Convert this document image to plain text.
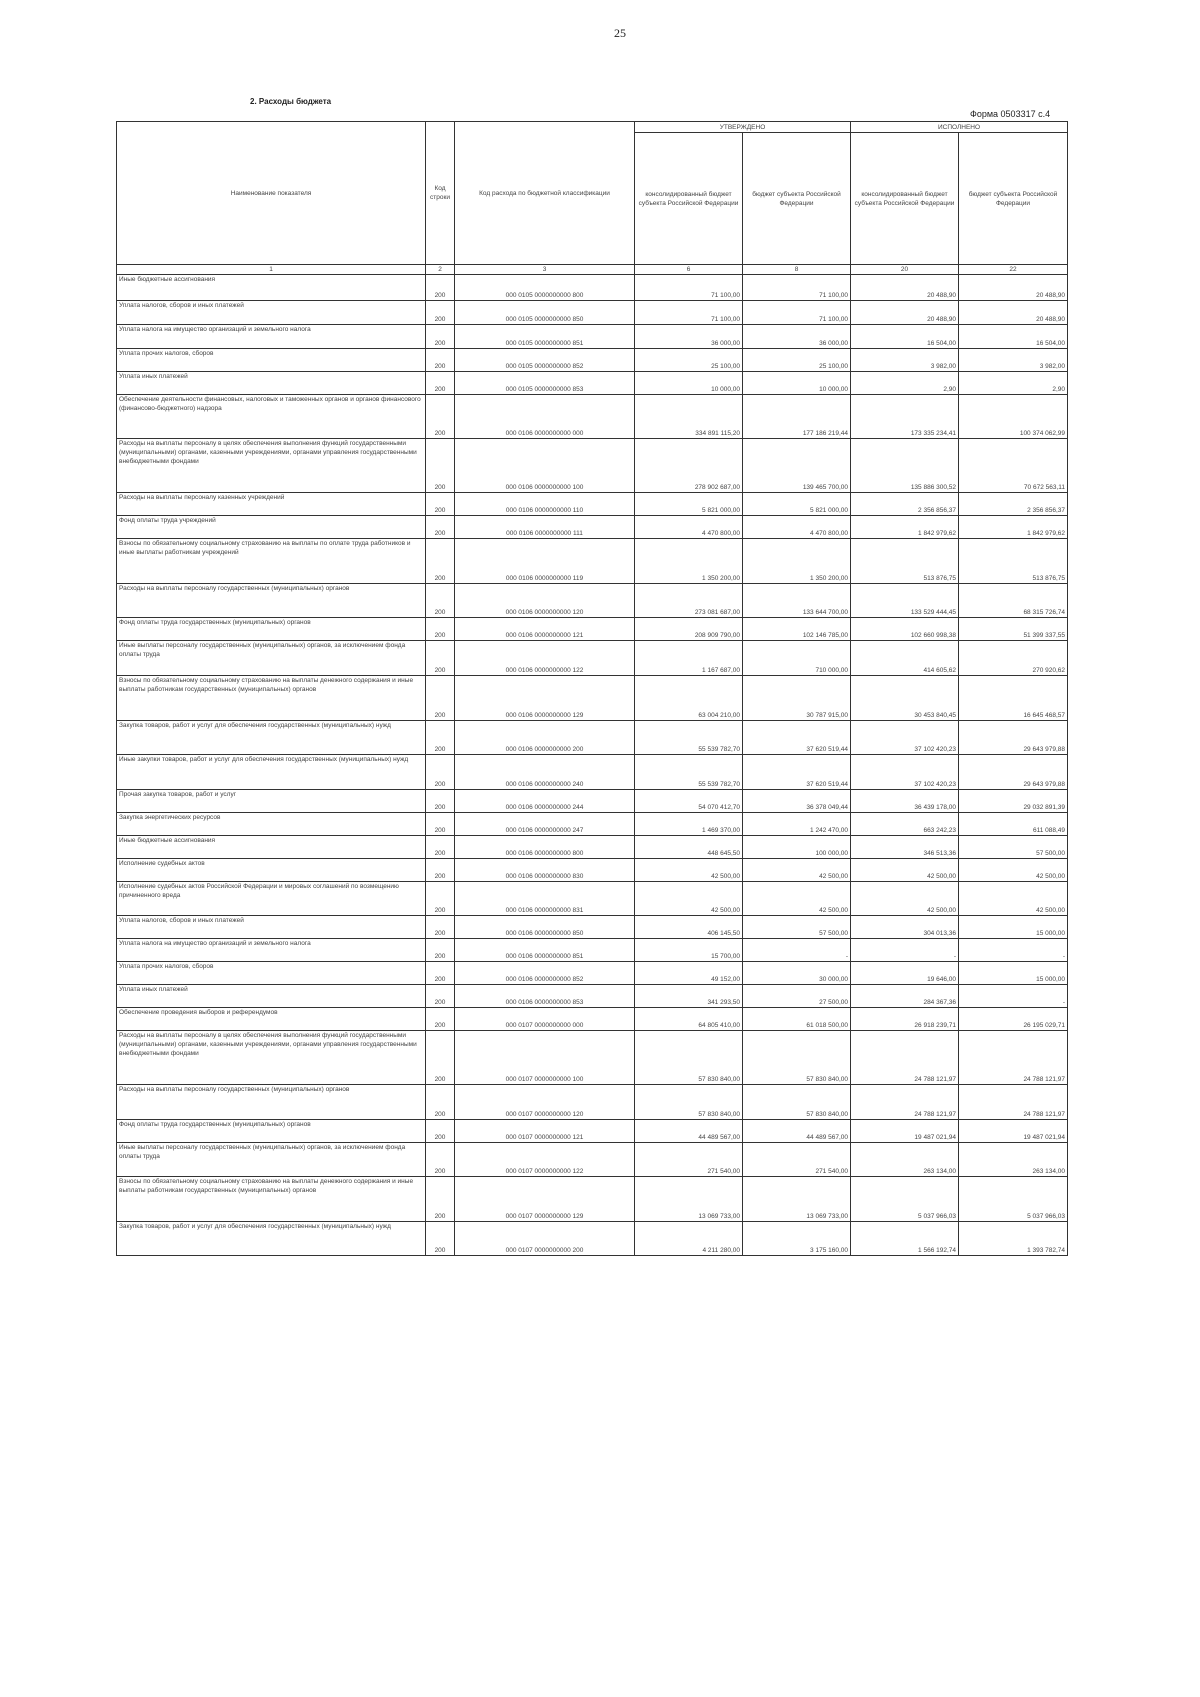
25
2. Расходы бюджета
Форма 0503317 с.4
Наименование показателя	Код строки	Код расхода по бюджетной классификации	УТВЕРЖДЕНО		ИСПОЛНЕНО	
			консолидированный бюджет субъекта Российской Федерации	бюджет субъекта Российской Федерации	консолидированный бюджет субъекта Российской Федерации	бюджет субъекта Российской Федерации
1	2	3	6	8	20	22
Иные бюджетные ассигнования	200	000 0105 0000000000 800	71 100,00	71 100,00	20 488,90	20 488,90
Уплата налогов, сборов и иных платежей	200	000 0105 0000000000 850	71 100,00	71 100,00	20 488,90	20 488,90
Уплата налога на имущество организаций и земельного налога	200	000 0105 0000000000 851	36 000,00	36 000,00	16 504,00	16 504,00
Уплата прочих налогов, сборов	200	000 0105 0000000000 852	25 100,00	25 100,00	3 982,00	3 982,00
Уплата иных платежей	200	000 0105 0000000000 853	10 000,00	10 000,00	2,90	2,90
Обеспечение деятельности финансовых, налоговых и таможенных органов и органов финансового (финансово-бюджетного) надзора	200	000 0106 0000000000 000	334 891 115,20	177 186 219,44	173 335 234,41	100 374 062,99
Расходы на выплаты персоналу в целях обеспечения выполнения функций государственными (муниципальными) органами, казенными учреждениями, органами управления государственными внебюджетными фондами	200	000 0106 0000000000 100	278 902 687,00	139 465 700,00	135 886 300,52	70 672 563,11
Расходы на выплаты персоналу казенных учреждений	200	000 0106 0000000000 110	5 821 000,00	5 821 000,00	2 356 856,37	2 356 856,37
Фонд оплаты труда учреждений	200	000 0106 0000000000 111	4 470 800,00	4 470 800,00	1 842 979,62	1 842 979,62
Взносы по обязательному социальному страхованию на выплаты по оплате труда работников и иные выплаты работникам учреждений	200	000 0106 0000000000 119	1 350 200,00	1 350 200,00	513 876,75	513 876,75
Расходы на выплаты персоналу государственных (муниципальных) органов	200	000 0106 0000000000 120	273 081 687,00	133 644 700,00	133 529 444,45	68 315 726,74
Фонд оплаты труда государственных (муниципальных) органов	200	000 0106 0000000000 121	208 909 790,00	102 146 785,00	102 660 998,38	51 399 337,55
Иные выплаты персоналу государственных (муниципальных) органов, за исключением фонда оплаты труда	200	000 0106 0000000000 122	1 167 687,00	710 000,00	414 605,62	270 920,62
Взносы по обязательному социальному страхованию на выплаты денежного содержания и иные выплаты работникам государственных (муниципальных) органов	200	000 0106 0000000000 129	63 004 210,00	30 787 915,00	30 453 840,45	16 645 468,57
Закупка товаров, работ и услуг для обеспечения государственных (муниципальных) нужд	200	000 0106 0000000000 200	55 539 782,70	37 620 519,44	37 102 420,23	29 643 979,88
Иные закупки товаров, работ и услуг для обеспечения государственных (муниципальных) нужд	200	000 0106 0000000000 240	55 539 782,70	37 620 519,44	37 102 420,23	29 643 979,88
Прочая закупка товаров, работ и услуг	200	000 0106 0000000000 244	54 070 412,70	36 378 049,44	36 439 178,00	29 032 891,39
Закупка энергетических ресурсов	200	000 0106 0000000000 247	1 469 370,00	1 242 470,00	663 242,23	611 088,49
Иные бюджетные ассигнования	200	000 0106 0000000000 800	448 645,50	100 000,00	346 513,36	57 500,00
Исполнение судебных актов	200	000 0106 0000000000 830	42 500,00	42 500,00	42 500,00	42 500,00
Исполнение судебных актов Российской Федерации и мировых соглашений по возмещению причиненного вреда	200	000 0106 0000000000 831	42 500,00	42 500,00	42 500,00	42 500,00
Уплата налогов, сборов и иных платежей	200	000 0106 0000000000 850	406 145,50	57 500,00	304 013,36	15 000,00
Уплата налога на имущество организаций и земельного налога	200	000 0106 0000000000 851	15 700,00	-	-	-
Уплата прочих налогов, сборов	200	000 0106 0000000000 852	49 152,00	30 000,00	19 646,00	15 000,00
Уплата иных платежей	200	000 0106 0000000000 853	341 293,50	27 500,00	284 367,36	-
Обеспечение проведения выборов и референдумов	200	000 0107 0000000000 000	64 805 410,00	61 018 500,00	26 918 239,71	26 195 029,71
Расходы на выплаты персоналу в целях обеспечения выполнения функций государственными (муниципальными) органами, казенными учреждениями, органами управления государственными внебюджетными фондами	200	000 0107 0000000000 100	57 830 840,00	57 830 840,00	24 788 121,97	24 788 121,97
Расходы на выплаты персоналу государственных (муниципальных) органов	200	000 0107 0000000000 120	57 830 840,00	57 830 840,00	24 788 121,97	24 788 121,97
Фонд оплаты труда государственных (муниципальных) органов	200	000 0107 0000000000 121	44 489 567,00	44 489 567,00	19 487 021,94	19 487 021,94
Иные выплаты персоналу государственных (муниципальных) органов, за исключением фонда оплаты труда	200	000 0107 0000000000 122	271 540,00	271 540,00	263 134,00	263 134,00
Взносы по обязательному социальному страхованию на выплаты денежного содержания и иные выплаты работникам государственных (муниципальных) органов	200	000 0107 0000000000 129	13 069 733,00	13 069 733,00	5 037 966,03	5 037 966,03
Закупка товаров, работ и услуг для обеспечения государственных (муниципальных) нужд	200	000 0107 0000000000 200	4 211 280,00	3 175 160,00	1 566 192,74	1 393 782,74
